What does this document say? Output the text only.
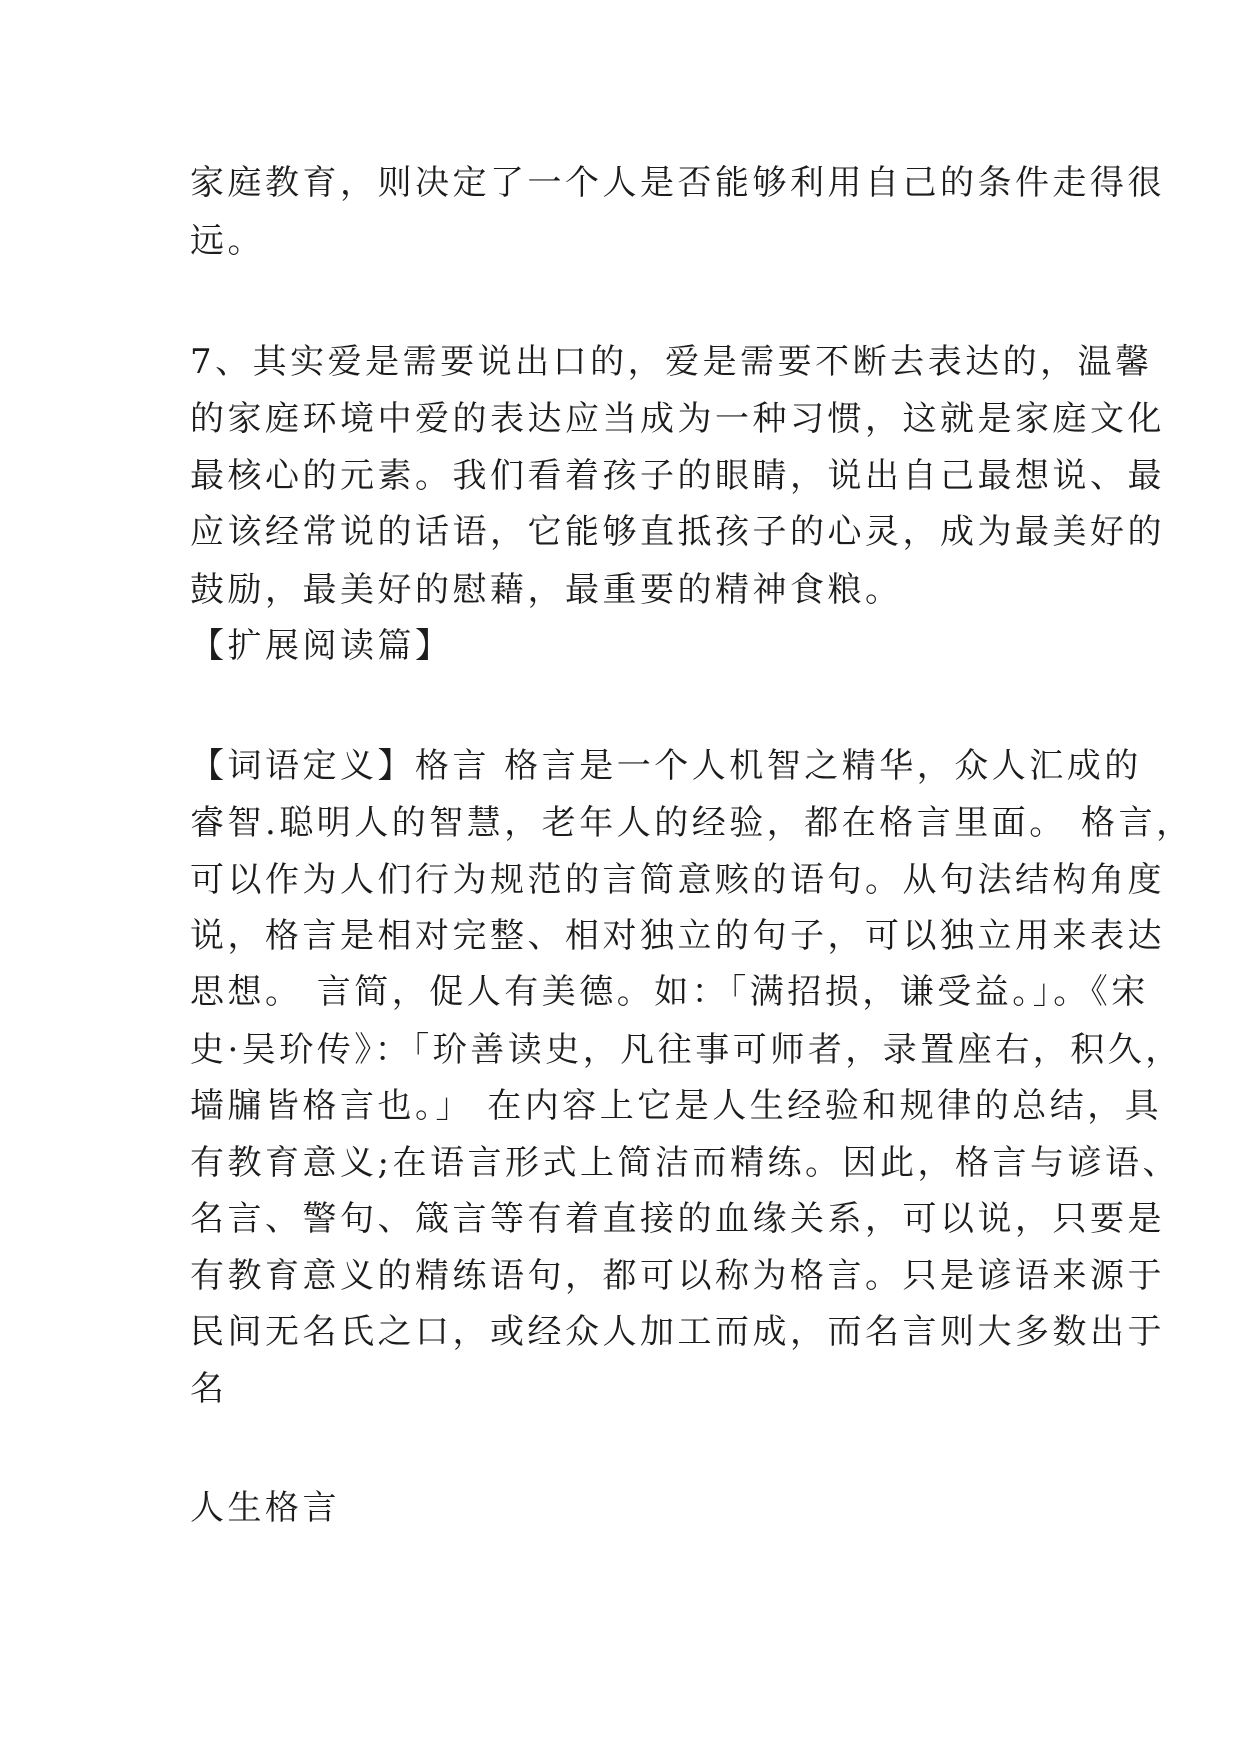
家庭教育，则决定了一个人是否能够利用自己的条件走得很
远。
7、其实爱是需要说出口的，爱是需要不断去表达的，温馨
的家庭环境中爱的表达应当成为一种习惯，这就是家庭文化
最核心的元素。我们看着孩子的眼睛，说出自己最想说、最
应该经常说的话语，它能够直抵孩子的心灵，成为最美好的
鼓励，最美好的慰藉，最重要的精神食粮。
【扩展阅读篇】
【词语定义】格言 格言是一个人机智之精华，众人汇成的
睿智.聪明人的智慧，老年人的经验，都在格言里面。 格言，
可以作为人们行为规范的言简意赅的语句。从句法结构角度
说，格言是相对完整、相对独立的句子，可以独立用来表达
思想。 言简，促人有美德。如：「满招损，谦受益。」。《宋
史·吴玠传》：「玠善读史，凡往事可师者，录置座右，积久，
墙牖皆格言也。」 在内容上它是人生经验和规律的总结，具
有教育意义;在语言形式上简洁而精练。因此，格言与谚语、
名言、警句、箴言等有着直接的血缘关系，可以说，只要是
有教育意义的精练语句，都可以称为格言。只是谚语来源于
民间无名氏之口，或经众人加工而成，而名言则大多数出于
名
人生格言
